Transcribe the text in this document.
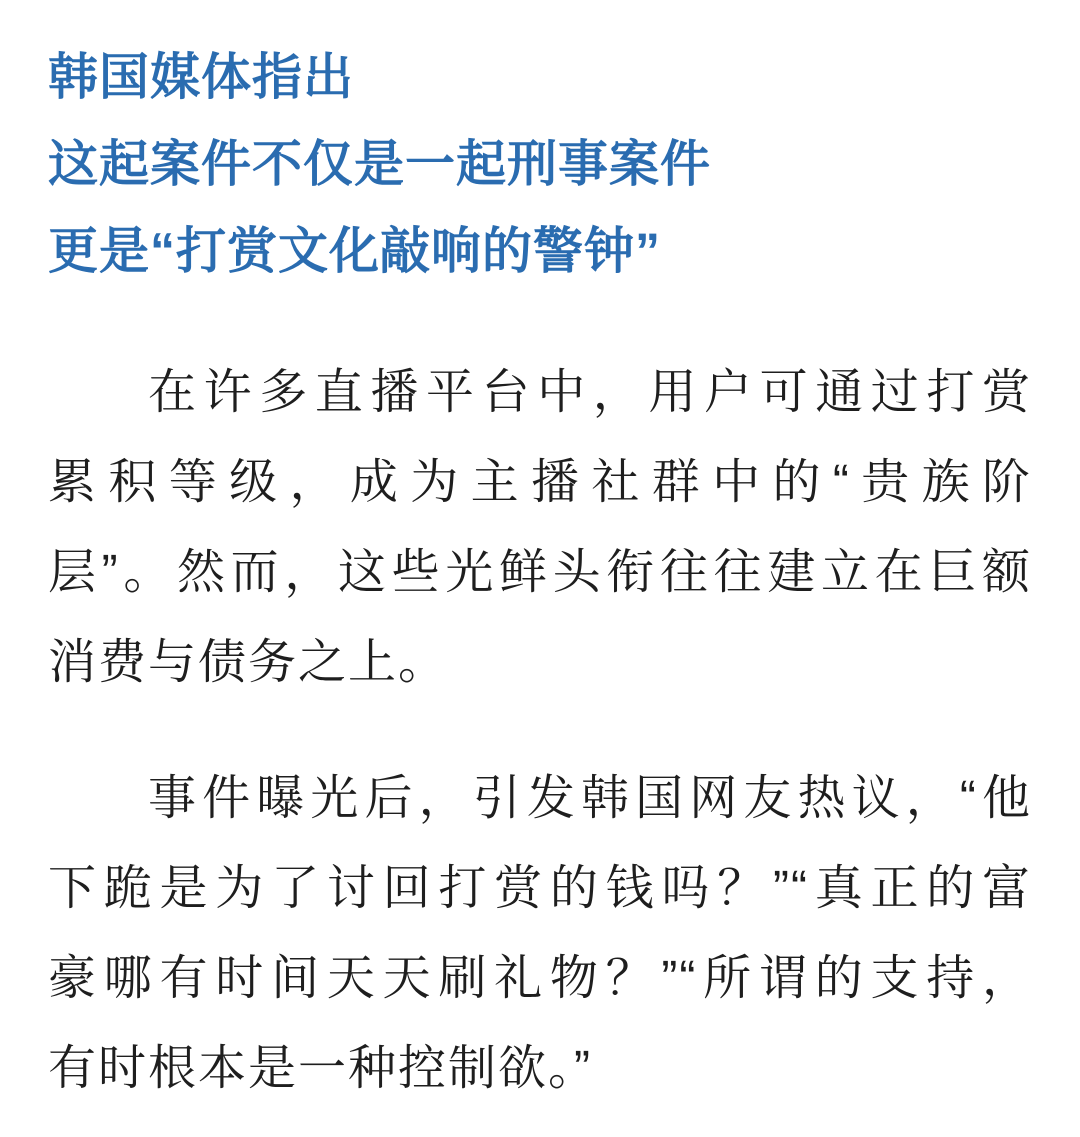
韩国媒体指出
这起案件不仅是一起刑事案件
更是“打赏文化敲响的警钟”
在许多直播平台中，用户可通过打赏
累积等级，成为主播社群中的“贵族阶
层”。然而，这些光鲜头衔往往建立在巨额
消费与债务之上。
事件曝光后，引发韩国网友热议，“他
下跪是为了讨回打赏的钱吗？”“真正的富
豪哪有时间天天刷礼物？”“所谓的支持，
有时根本是一种控制欲。”
